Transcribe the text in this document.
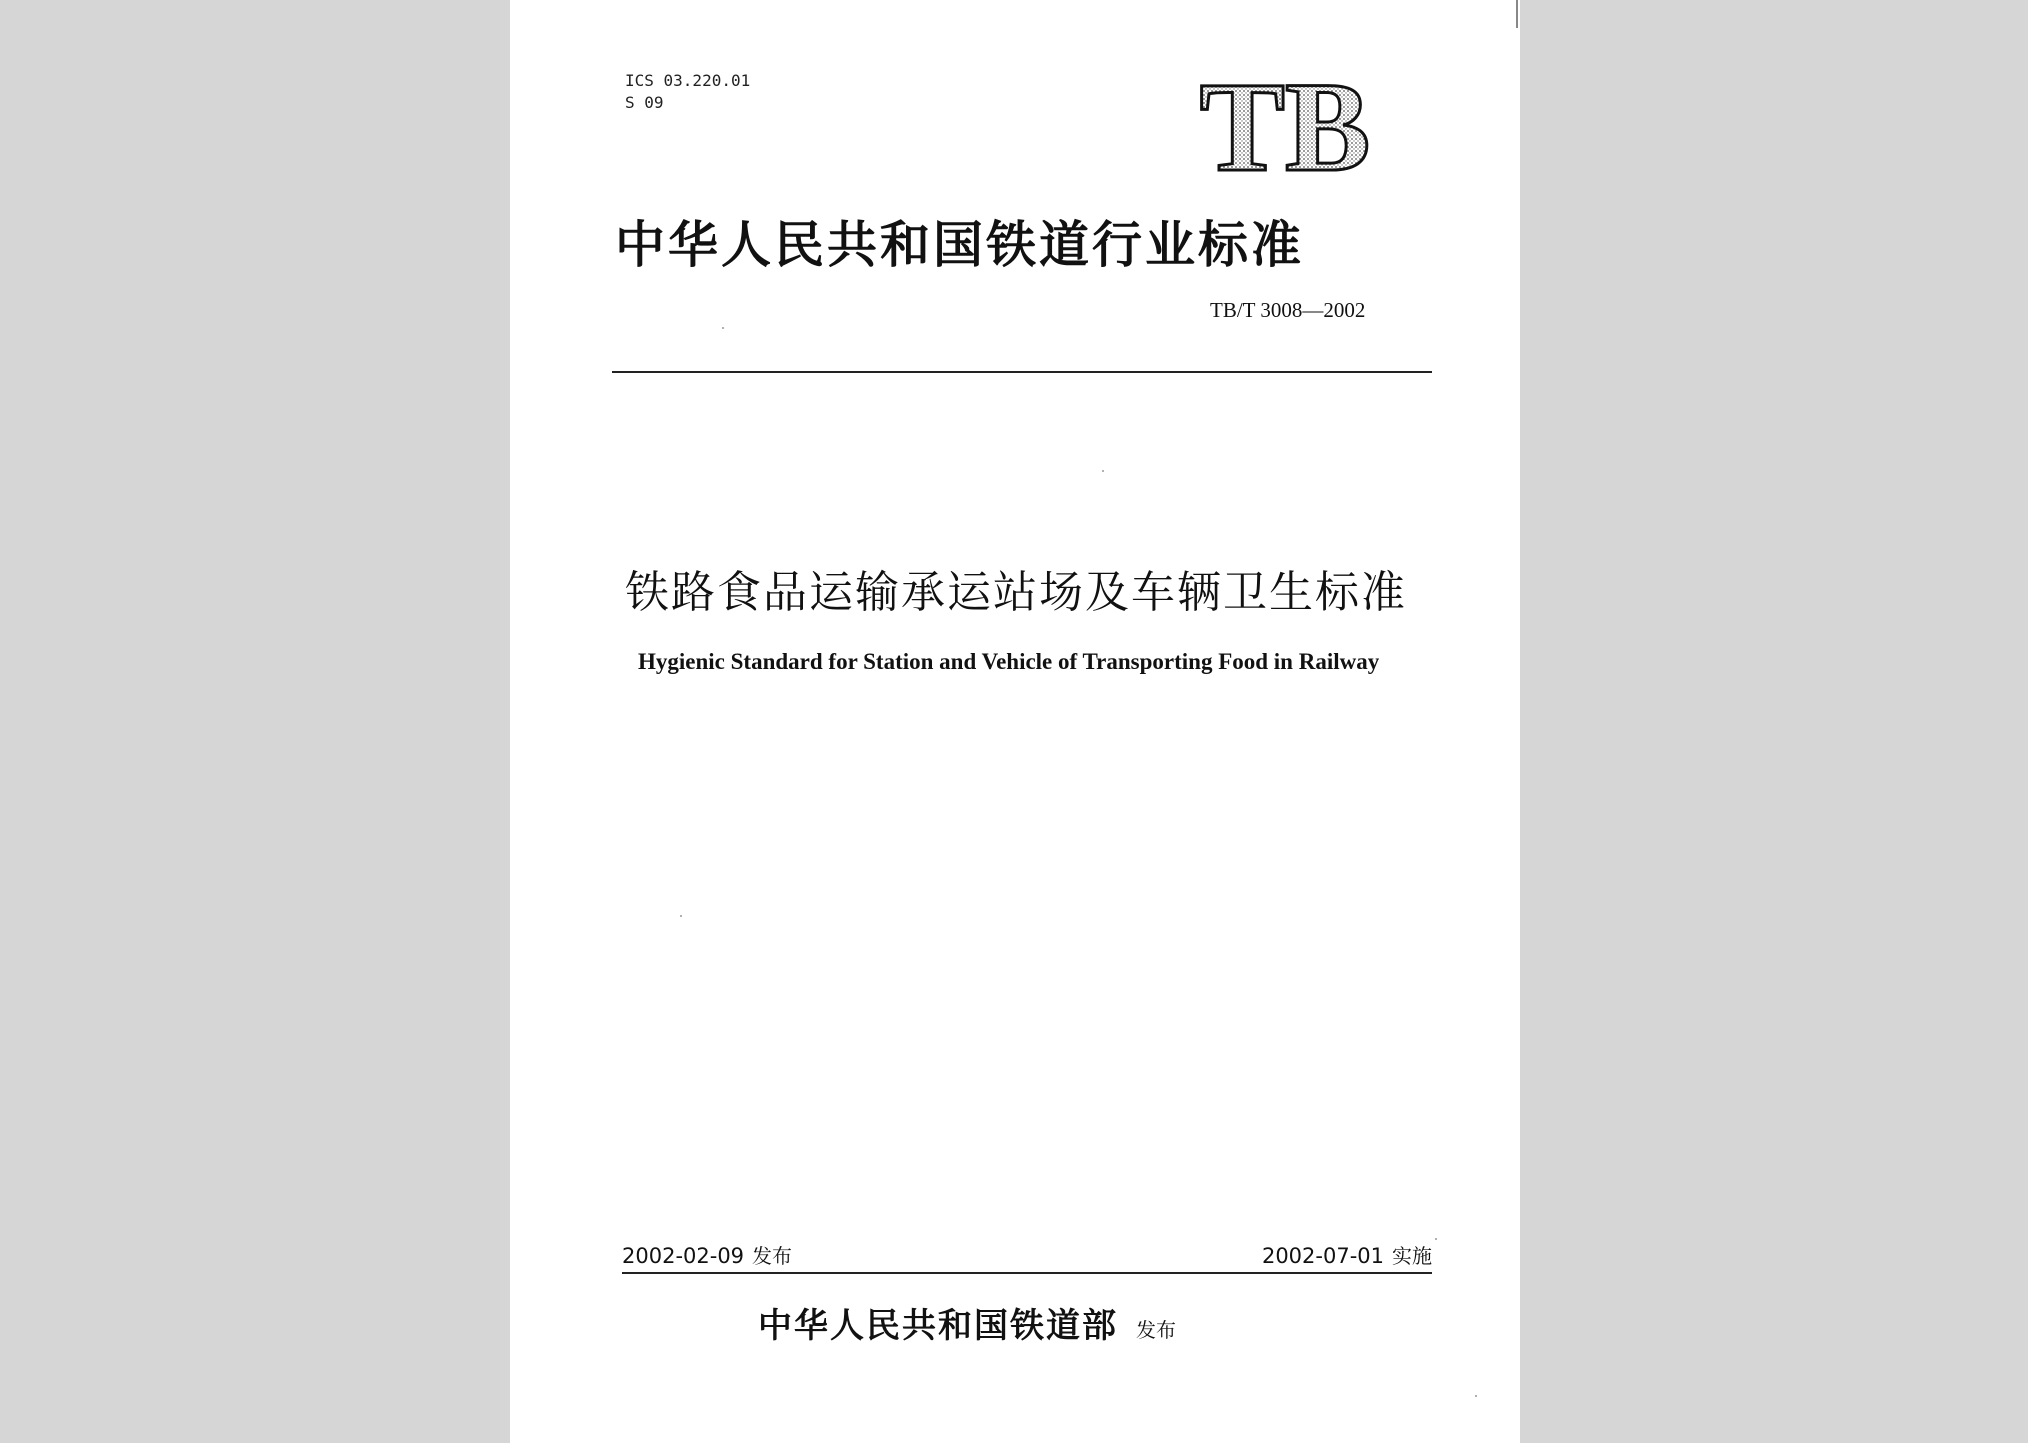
ICS 03.220.01
S 09	TB
中华人民共和国铁道行业标准
TB/T 3008—2002
铁路食品运输承运站场及车辆卫生标准
Hygienic Standard for Station and Vehicle of Transporting Food in Railway
2002-02-09 发布	2002-07-01 实施
中华人民共和国铁道部 发布
